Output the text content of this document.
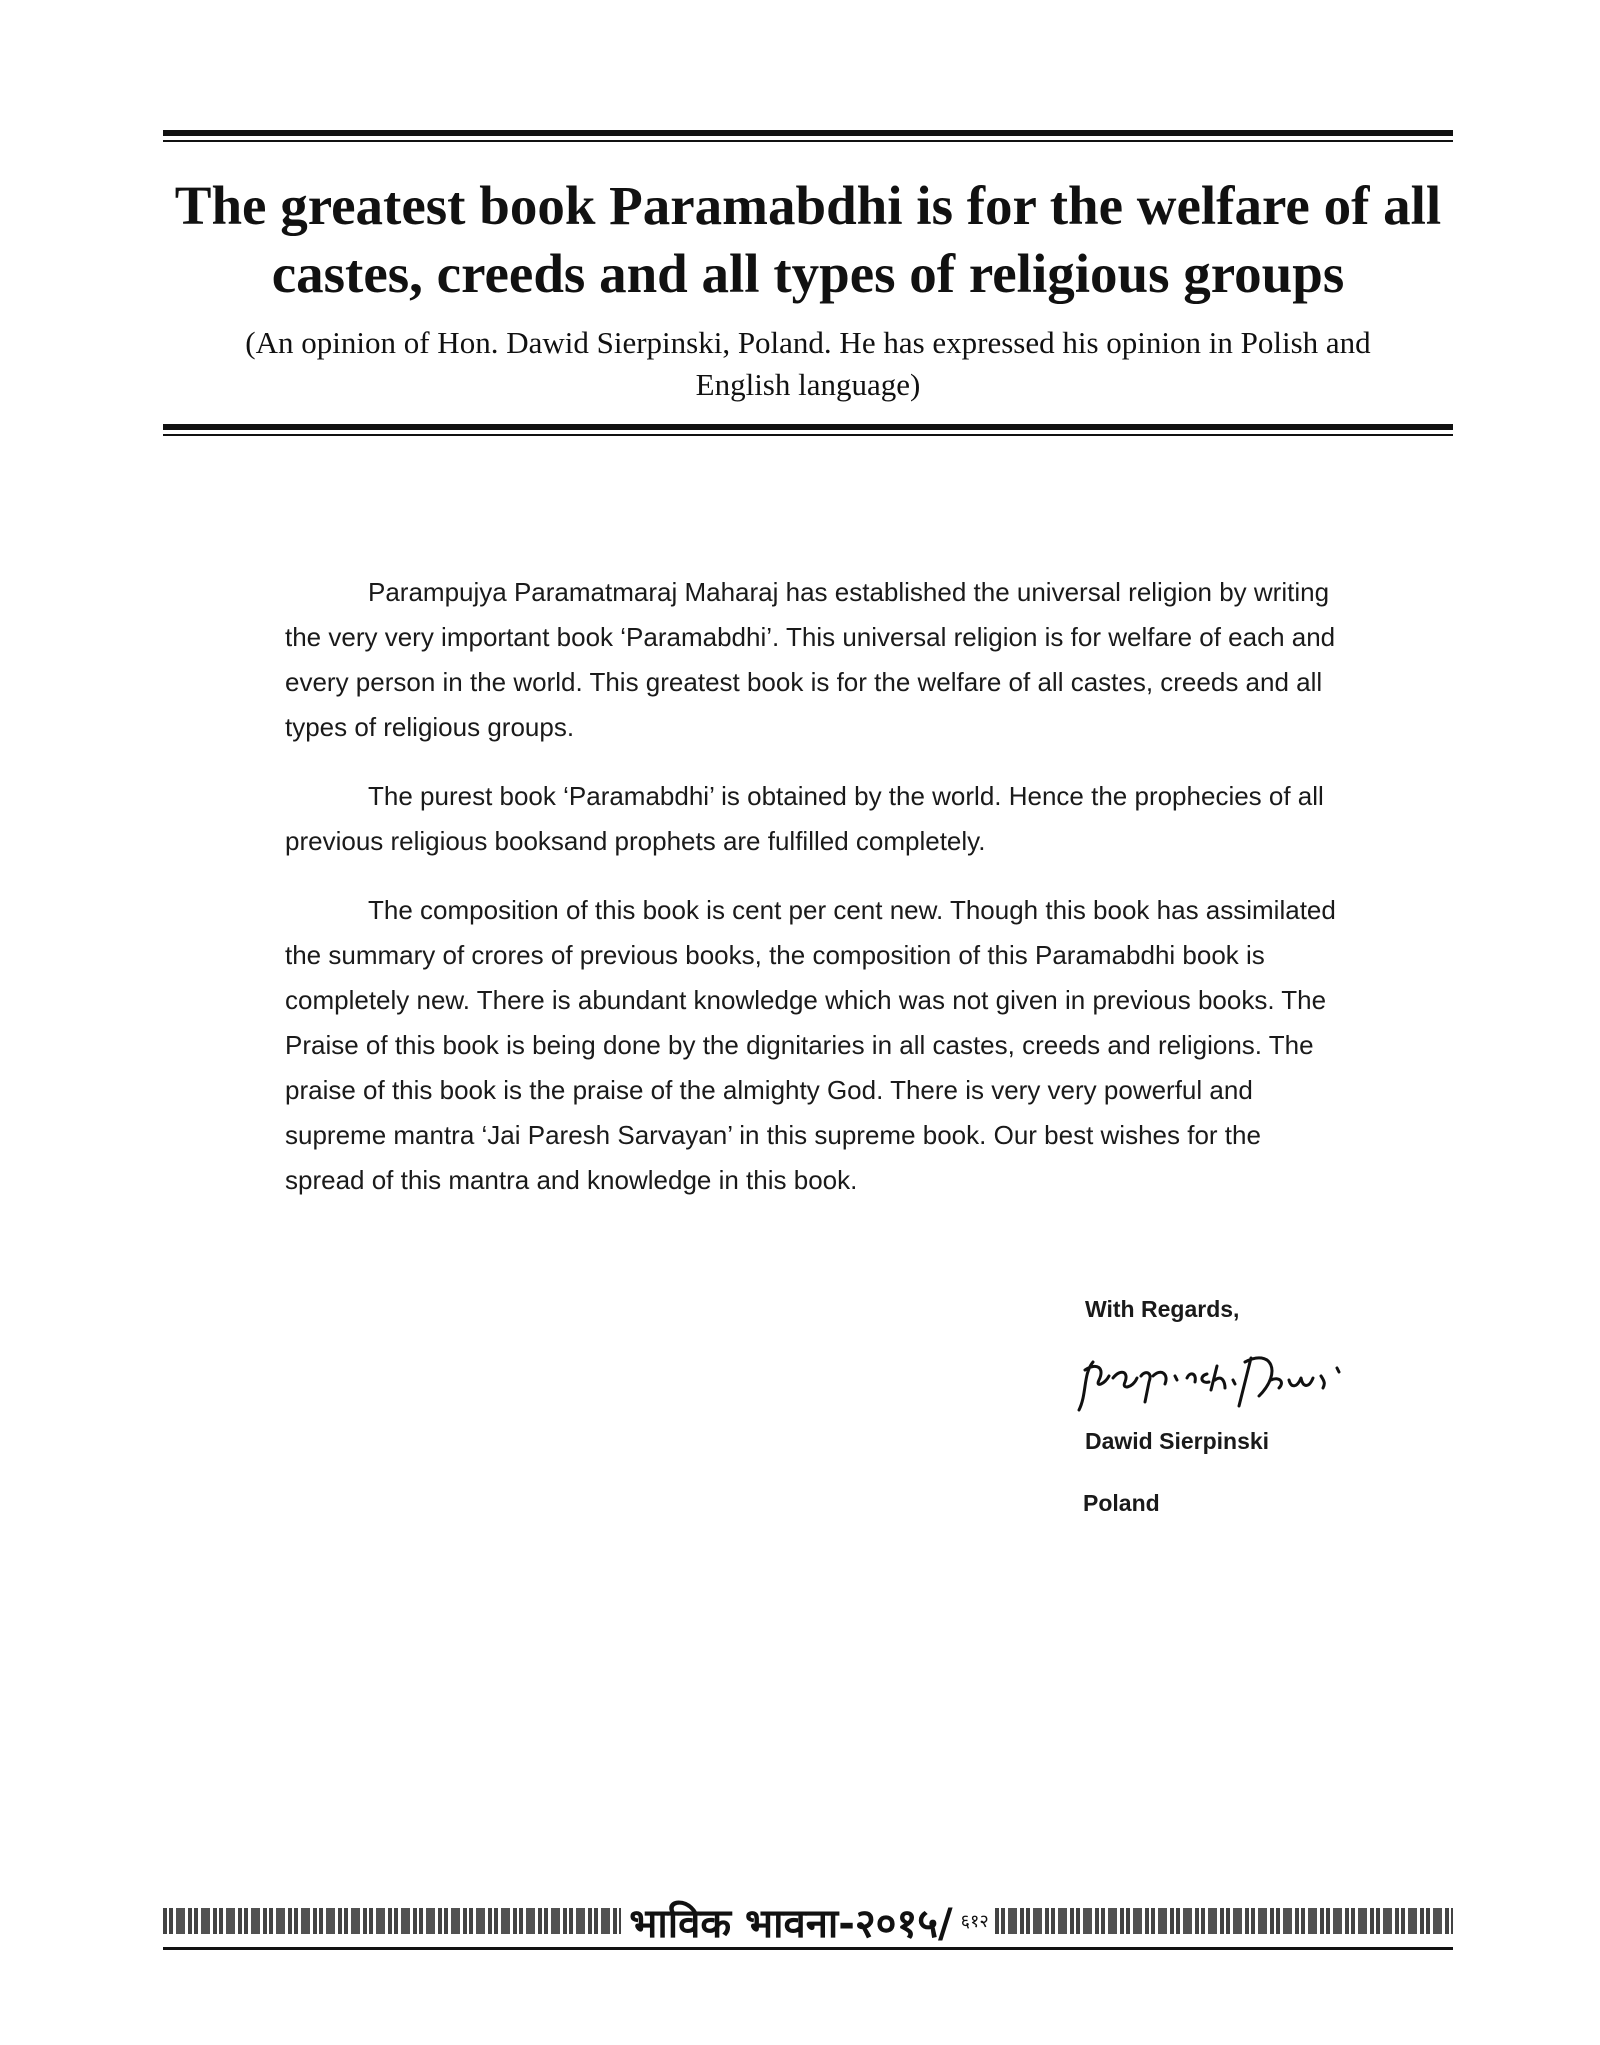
The greatest book Paramabdhi is for the welfare of all castes, creeds and all types of religious groups

(An opinion of Hon. Dawid Sierpinski, Poland. He has expressed his opinion in Polish and English language)

Parampujya Paramatmaraj Maharaj has established the universal religion by writing the very very important book ‘Paramabdhi’. This universal religion is for welfare of each and every person in the world. This greatest book is for the welfare of all castes, creeds and all types of religious groups.

The purest book ‘Paramabdhi’ is obtained by the world. Hence the prophecies of all previous religious booksand prophets are fulfilled completely.

The composition of this book is cent per cent new. Though this book has assimilated the summary of crores of previous books, the composition of this Paramabdhi book is completely new. There is abundant knowledge which was not given in previous books. The Praise of this book is being done by the dignitaries in all castes, creeds and religions. The praise of this book is the praise of the almighty God. There is very very powerful and supreme mantra ‘Jai Paresh Sarvayan’ in this supreme book. Our best wishes for the spread of this mantra and knowledge in this book.

With Regards,
Dawid Sierpinski
Poland
भाविक भावना-२०१५/ ६१२
